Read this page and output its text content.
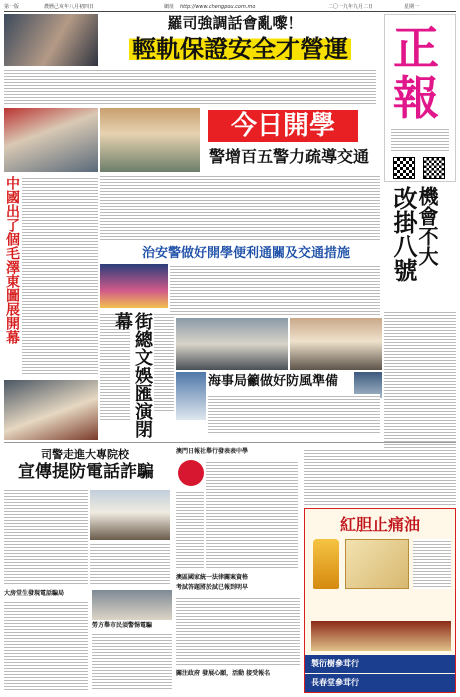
第一版	農曆己亥年八月初四日	網址 http://www.chengpou.com.mo	二〇一九年九月二日	星期一
羅司強調話會亂嚟！
輕軌保證安全才營運 正
報
今日開學
警增百五警力疏導交通
中國出了個毛澤東圖展開幕	機會不大
改掛八號
治安警做好開學便利通關及交通措施
街總文娛匯演閉幕
海事局籲做好防風準備
司警走進大專院校
宣傳提防電話詐騙
大房堂生發現電話騙局
勞方舉市民須警惕電騙
澳門日報社舉行發表表中學
澳區國家統一法律關案資格
考試答題將於試已報到明早
關注政府 發展心願，活動 接受報名
紅胆止痛油
製衍樹參茸行
長春堂參茸行
